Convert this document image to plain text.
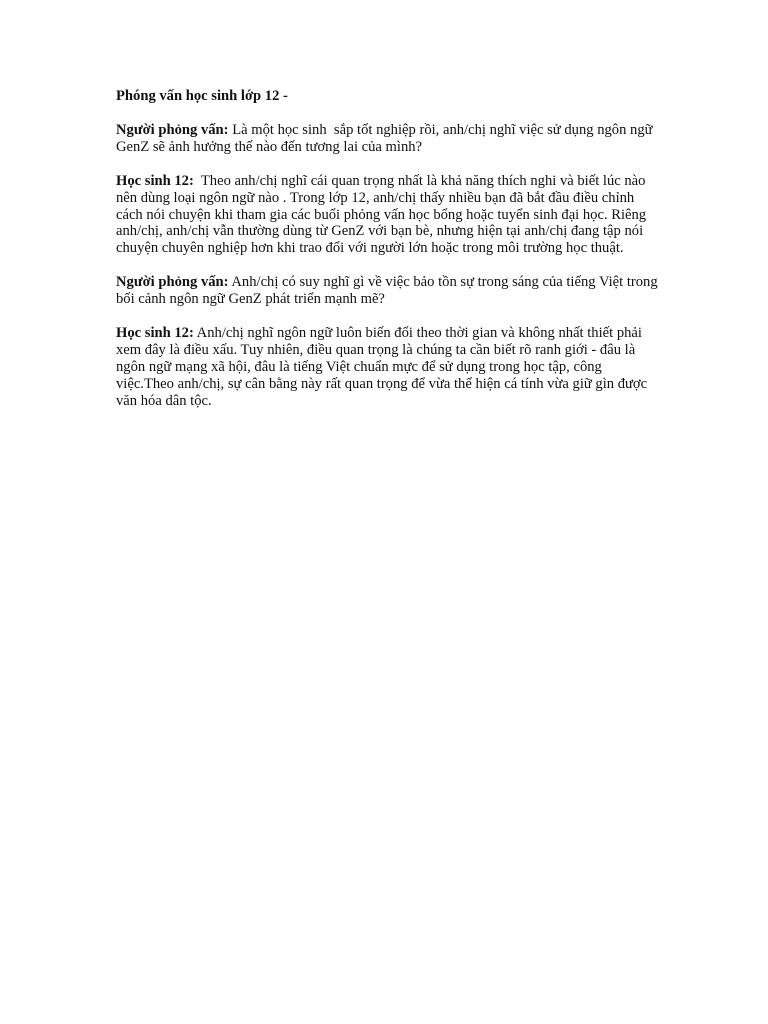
Phóng vấn học sinh lớp 12 -

Người phỏng vấn: Là một học sinh  sắp tốt nghiệp rồi, anh/chị nghĩ việc sử dụng ngôn ngữ GenZ sẽ ảnh hưởng thế nào đến tương lai của mình?

Học sinh 12:  Theo anh/chị nghĩ cái quan trọng nhất là khả năng thích nghi và biết lúc nào nên dùng loại ngôn ngữ nào . Trong lớp 12, anh/chị thấy nhiều bạn đã bắt đầu điều chỉnh cách nói chuyện khi tham gia các buổi phỏng vấn học bổng hoặc tuyển sinh đại học. Riêng anh/chị, anh/chị vẫn thường dùng từ GenZ với bạn bè, nhưng hiện tại anh/chị đang tập nói chuyện chuyên nghiệp hơn khi trao đổi với người lớn hoặc trong môi trường học thuật.

Người phỏng vấn: Anh/chị có suy nghĩ gì về việc bảo tồn sự trong sáng của tiếng Việt trong bối cảnh ngôn ngữ GenZ phát triển mạnh mẽ?

Học sinh 12: Anh/chị nghĩ ngôn ngữ luôn biến đổi theo thời gian và không nhất thiết phải xem đây là điều xấu. Tuy nhiên, điều quan trọng là chúng ta cần biết rõ ranh giới - đâu là ngôn ngữ mạng xã hội, đâu là tiếng Việt chuẩn mực để sử dụng trong học tập, công việc.Theo anh/chị, sự cân bằng này rất quan trọng để vừa thể hiện cá tính vừa giữ gìn được văn hóa dân tộc.
